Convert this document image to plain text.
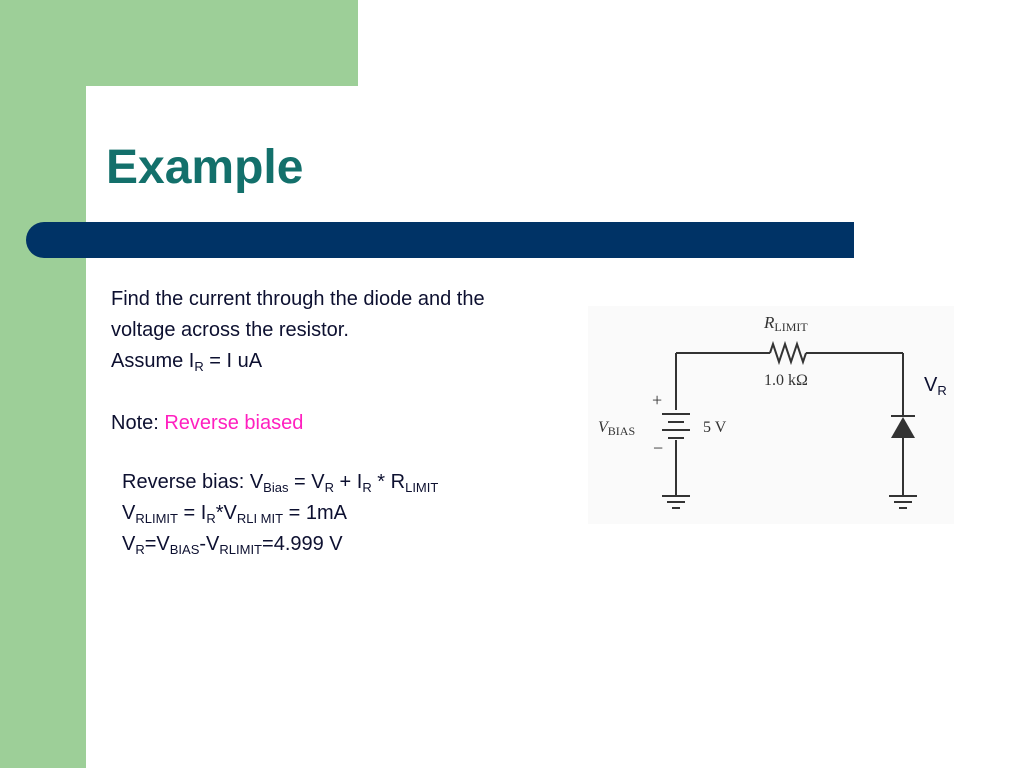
Example
Find the current through the diode and the
voltage across the resistor.
Assume $I_R = I$ uA
Note: Reverse biased
Reverse bias: $V_{Bias} = V_R + I_R * R_{LIMIT}$
$V_{RLIMIT} = I_R*V_{RLI MIT} = 1mA$
$V_R=V_{BIAS}-V_{RLIMIT}=4.999$ V
RLIMIT
1.0 kΩ
+
−
VBIAS	5 V
$V_R$
